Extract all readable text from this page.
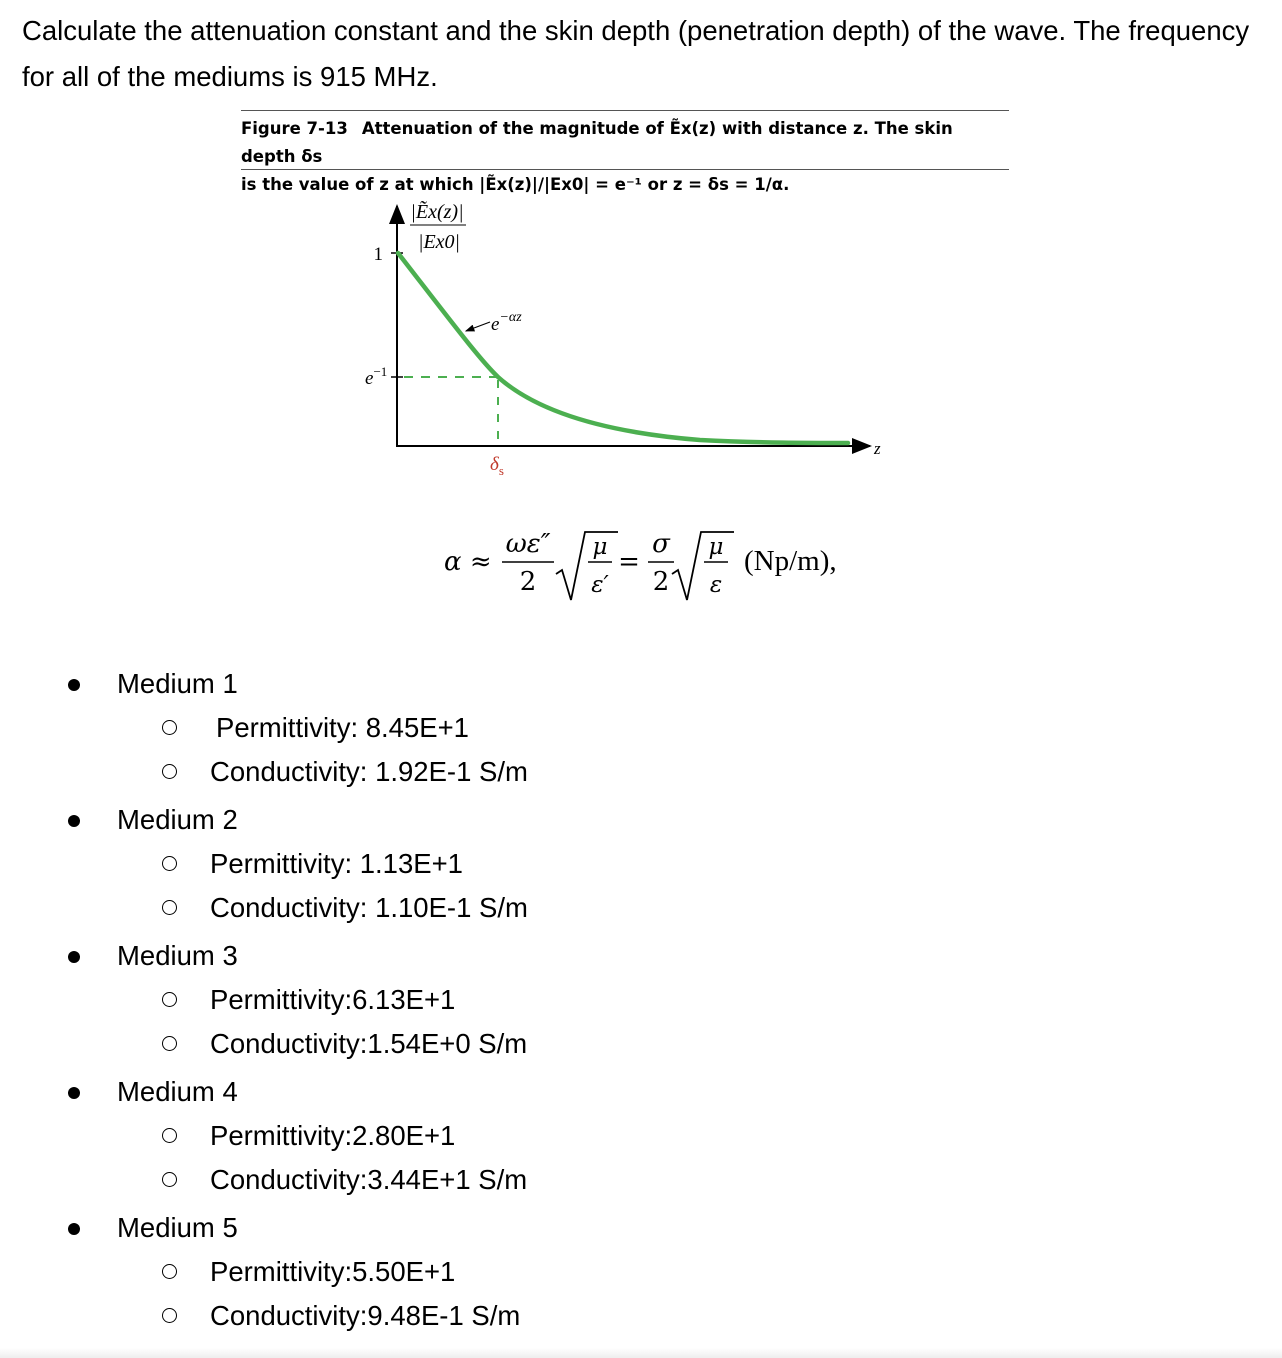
Calculate the attenuation constant and the skin depth (penetration depth) of the wave. The frequency for all of the mediums is 915 MHz.

Figure 7-13 Attenuation of the magnitude of Ẽx(z) with distance z. The skin depth δs
is the value of z at which |Ẽx(z)|/|Ex0| = e⁻¹ or z = δs = 1/α.
|Ẽx(z)|
|Ex0|
1
$e^{-1}$
$e^{-\alpha z}$
$\delta_s$
z
α ≈
ωε″
2
μ
ε′
=
σ
2
μ
ε
(Np/m),
Medium 1
Permittivity: 8.45E+1
Conductivity: 1.92E-1 S/m
Medium 2
Permittivity: 1.13E+1
Conductivity: 1.10E-1 S/m
Medium 3
Permittivity:6.13E+1
Conductivity:1.54E+0 S/m
Medium 4
Permittivity:2.80E+1
Conductivity:3.44E+1 S/m
Medium 5
Permittivity:5.50E+1
Conductivity:9.48E-1 S/m
